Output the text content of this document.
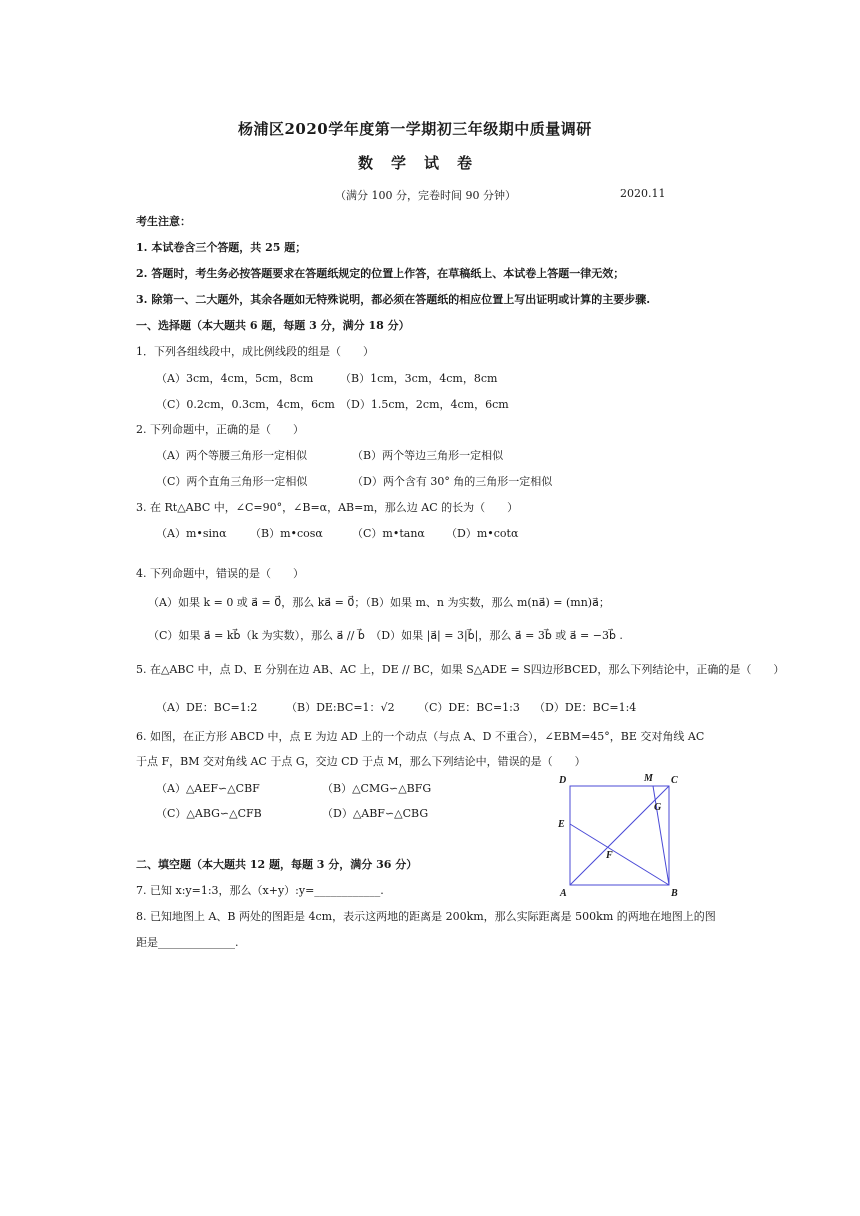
杨浦区2020学年度第一学期初三年级期中质量调研
数学试卷
（满分 100 分，完卷时间 90 分钟）	2020.11
考生注意：
1. 本试卷含三个答题，共 25 题；
2. 答题时，考生务必按答题要求在答题纸规定的位置上作答，在草稿纸上、本试卷上答题一律无效；
3. 除第一、二大题外，其余各题如无特殊说明，都必须在答题纸的相应位置上写出证明或计算的主要步骤.
一、选择题（本大题共 6 题，每题 3 分，满分 18 分）
1．下列各组线段中，成比例线段的组是（　　）
（A）3cm，4cm，5cm，8cm （B）1cm，3cm，4cm，8cm
（C）0.2cm，0.3cm，4cm，6cm （D）1.5cm，2cm，4cm，6cm
2. 下列命题中，正确的是（　　）
（A）两个等腰三角形一定相似	（B）两个等边三角形一定相似
（C）两个直角三角形一定相似	（D）两个含有 30° 角的三角形一定相似
3. 在 Rt△ABC 中，∠C=90°，∠B=α，AB=m，那么边 AC 的长为（　　）
（A）m•sinα （B）m•cosα	（C）m•tanα （D）m•cotα
4. 下列命题中，错误的是（　　）
（A）如果 k = 0 或 a⃗ = 0⃗，那么 ka⃗ = 0⃗；（B）如果 m、n 为实数，那么 m(na⃗) = (mn)a⃗；
（C）如果 a⃗ = kb⃗（k 为实数），那么 a⃗ // b⃗　（D）如果 |a⃗| = 3|b⃗|，那么 a⃗ = 3b⃗ 或 a⃗ = −3b⃗ .
5. 在△ABC 中，点 D、E 分别在边 AB、AC 上，DE // BC，如果 S△ADE = S四边形BCED，那么下列结论中，正确的是（　　）
（A）DE：BC=1:2	（B）DE:BC=1：√2 （C）DE：BC=1:3 （D）DE：BC=1:4
6. 如图，在正方形 ABCD 中，点 E 为边 AD 上的一个动点（与点 A、D 不重合），∠EBM=45°，BE 交对角线 AC
于点 F，BM 交对角线 AC 于点 G，交边 CD 于点 M，那么下列结论中，错误的是（　　）
（A）△AEF∽△CBF	（B）△CMG∽△BFG
（C）△ABG∽△CFB	（D）△ABF∽△CBG
二、填空题（本大题共 12 题，每题 3 分，满分 36 分）
7. 已知 x:y=1:3，那么（x+y）:y=____________.
8. 已知地图上 A、B 两处的图距是 4cm，表示这两地的距离是 200km，那么实际距离是 500km 的两地在地图上的图
距是______________.
D	C
M
G
E
F
A	B
